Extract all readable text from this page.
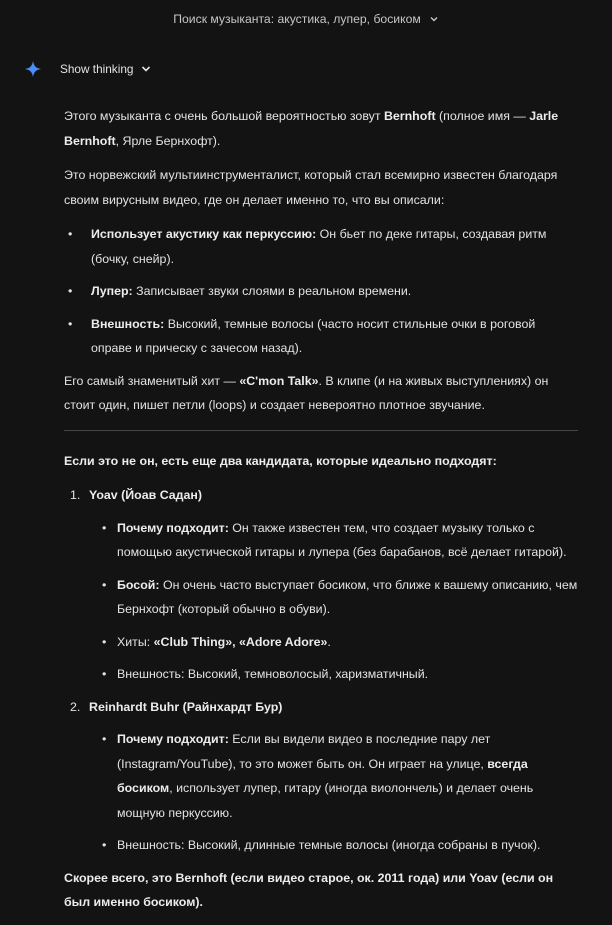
Поиск музыканта: акустика, лупер, босиком
Show thinking

Этого музыканта с очень большой вероятностью зовут Bernhoft (полное имя — Jarle Bernhoft, Ярле Бернхофт).

Это норвежский мультиинструменталист, который стал всемирно известен благодаря своим вирусным видео, где он делает именно то, что вы описали:

• Использует акустику как перкуссию: Он бьет по деке гитары, создавая ритм (бочку, снейр).
• Лупер: Записывает звуки слоями в реальном времени.
• Внешность: Высокий, темные волосы (часто носит стильные очки в роговой оправе и прическу с зачесом назад).

Его самый знаменитый хит — «C'mon Talk». В клипе (и на живых выступлениях) он стоит один, пишет петли (loops) и создает невероятно плотное звучание.

Если это не он, есть еще два кандидата, которые идеально подходят:

1. Yoav (Йоав Садан)
• Почему подходит: Он также известен тем, что создает музыку только с помощью акустической гитары и лупера (без барабанов, всё делает гитарой).
• Босой: Он очень часто выступает босиком, что ближе к вашему описанию, чем Бернхофт (который обычно в обуви).
• Хиты: «Club Thing», «Adore Adore».
• Внешность: Высокий, темноволосый, харизматичный.
2. Reinhardt Buhr (Райнхардт Бур)
• Почему подходит: Если вы видели видео в последние пару лет (Instagram/YouTube), то это может быть он. Он играет на улице, всегда босиком, использует лупер, гитару (иногда виолончель) и делает очень мощную перкуссию.
• Внешность: Высокий, длинные темные волосы (иногда собраны в пучок).

Скорее всего, это Bernhoft (если видео старое, ок. 2011 года) или Yoav (если он был именно босиком).
